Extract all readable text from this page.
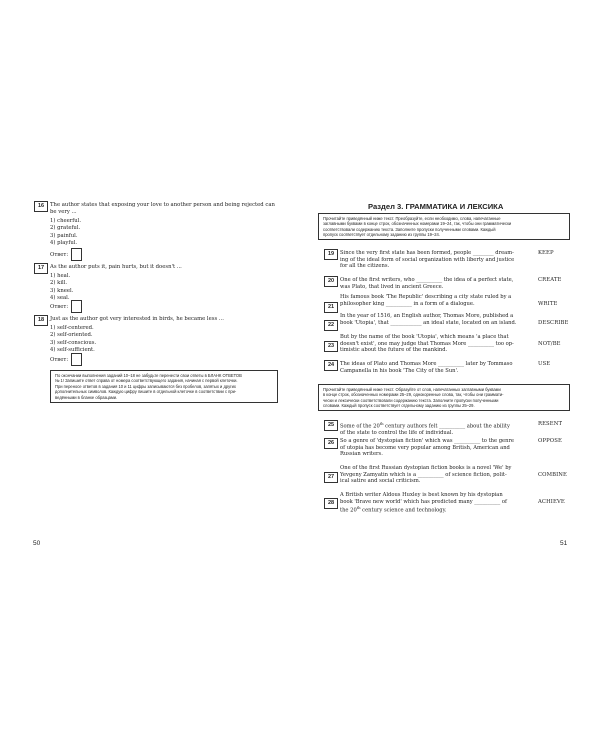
16	The author states that exposing your love to another person and being rejected can
be very ...
1) cheerful.
2) grateful.
3) painful.
4) playful.
Ответ:
17	As the author puts it, pain hurts, but it doesn't ...
1) heal.
2) kill.
3) kneel.
4) seal.
Ответ:
18	Just as the author got very interested in birds, he became less ...
1) self-centered.
2) self-oriented.
3) self-conscious.
4) self-sufficient.
Ответ:
По окончании выполнения заданий 10–18 не забудьте перенести свои ответы в БЛАНК ОТВЕТОВ
№ 1! Запишите ответ справа от номера соответствующего задания, начиная с первой клеточки.
При переносе ответов в задания 10 и 11 цифры записываются без пробелов, запятых и других
дополнительных символов. Каждую цифру пишите в отдельной клеточке в соответствии с при-
ведёнными в бланке образцами.
50
Раздел 3. ГРАММАТИКА И ЛЕКСИКА
Прочитайте приведённый ниже текст. Преобразуйте, если необходимо, слова, напечатанные
заглавными буквами в конце строк, обозначенных номерами 19–24, так, чтобы они грамматически
соответствовали содержанию текста. Заполните пропуски полученными словами. Каждый
пропуск соответствует отдельному заданию из группы 19–24.
19	Since the very first state has been formed, people ________ dream-
ing of the ideal form of social organization with liberty and justice
for all the citizens.
KEEP
20	One of the first writers, who __________ the idea of a perfect state,
was Plato, that lived in ancient Greece.
CREATE
21
His famous book 'The Republic' describing a city state ruled by a
philosopher king __________ in a form of a dialogue.	WRITE
22
In the year of 1516, an English author, Thomas More, published a
book 'Utopia', that ____________ an ideal state, located on an island.	DESCRIBE
23
But by the name of the book 'Utopia', which means 'a place that
doesn't exist', one may judge that Thomas More __________ too op-
timistic about the future of the mankind.
NOT/BE
24	The ideas of Plato and Thomas More __________ later by Tommaso
Campanella in his book 'The City of the Sun'.
USE
Прочитайте приведённый ниже текст. Образуйте от слов, напечатанных заглавными буквами
в конце строк, обозначенных номерами 25–29, однокоренные слова, так, чтобы они граммати-
чески и лексически соответствовали содержанию текста. Заполните пропуски полученными
словами. Каждый пропуск соответствует отдельному заданию из группы 25–29.
25	Some of the 20th century authors felt __________ about the ability
of the state to control the life of individual.
RESENT
26	So a genre of 'dystopian fiction' which was __________ to the genre
of utopia has become very popular among British, American and
Russian writers.
OPPOSE
27
One of the first Russian dystopian fiction books is a novel 'We' by
Yevgeny Zamyatin which is a __________ of science fiction, polit-
ical satire and social criticism.
COMBINE
28
A British writer Aldous Huxley is best known by his dystopian
book 'Brave new world' which has predicted many __________ of
the 20th century science and technology.
ACHIEVE
51
